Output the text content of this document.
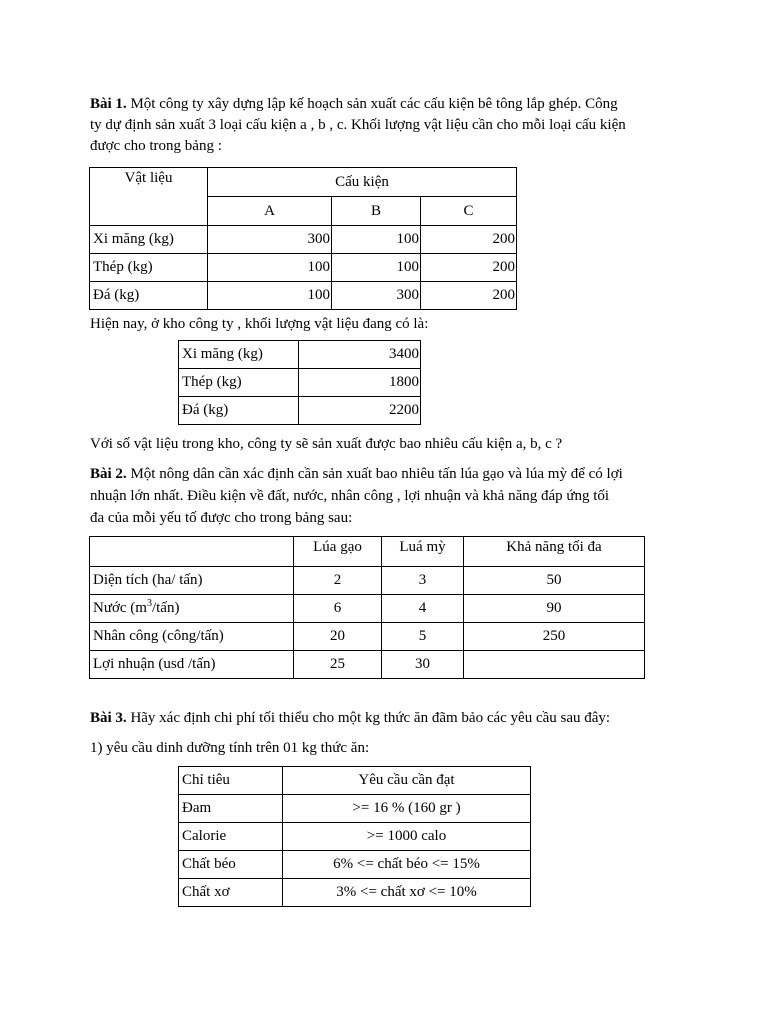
Bài 1. Một công ty xây dựng lập kế hoạch sản xuất các cấu kiện bê tông lắp ghép. Công

ty dự định sản xuất 3 loại cấu kiện a , b , c. Khối lượng vật liệu cần cho mỗi loại cấu kiện

được cho trong bảng :

Vật liệu	Cấu kiện		
	A	B	C
Xi măng (kg)	300	100	200
Thép (kg)	100	100	200
Đá (kg)	100	300	200

Hiện nay, ở kho công ty , khối lượng vật liệu đang có là:

Xi măng (kg)	3400
Thép (kg)	1800
Đá (kg)	2200

Với số vật liệu trong kho, công ty sẽ sản xuất được bao nhiêu cấu kiện a, b, c ?

Bài 2. Một nông dân cần xác định cần sản xuất bao nhiêu tấn lúa gạo và lúa mỳ để có lợi

nhuận lớn nhất. Điều kiện về đất, nước, nhân công , lợi nhuận và khả năng đáp ứng tối

đa của mỗi yếu tố được cho trong bảng sau:

	Lúa gạo	Luá mỳ	Khả năng tối đa
Diện tích (ha/ tấn)	2	3	50
Nước $(m^3/tấn)$	6	4	90
Nhân công (công/tấn)	20	5	250
Lợi nhuận (usd /tấn)	25	30	

Bài 3. Hãy xác định chi phí tối thiểu cho một kg thức ăn đãm bảo các yêu cầu sau đây:

1) yêu cầu dinh dưỡng tính trên 01 kg thức ăn:

Chỉ tiêu	Yêu cầu cần đạt
Đam	>= 16 % (160 gr )
Calorie	>= 1000 calo
Chất béo	6% <= chất béo <= 15%
Chất xơ	3% <= chất xơ <= 10%
